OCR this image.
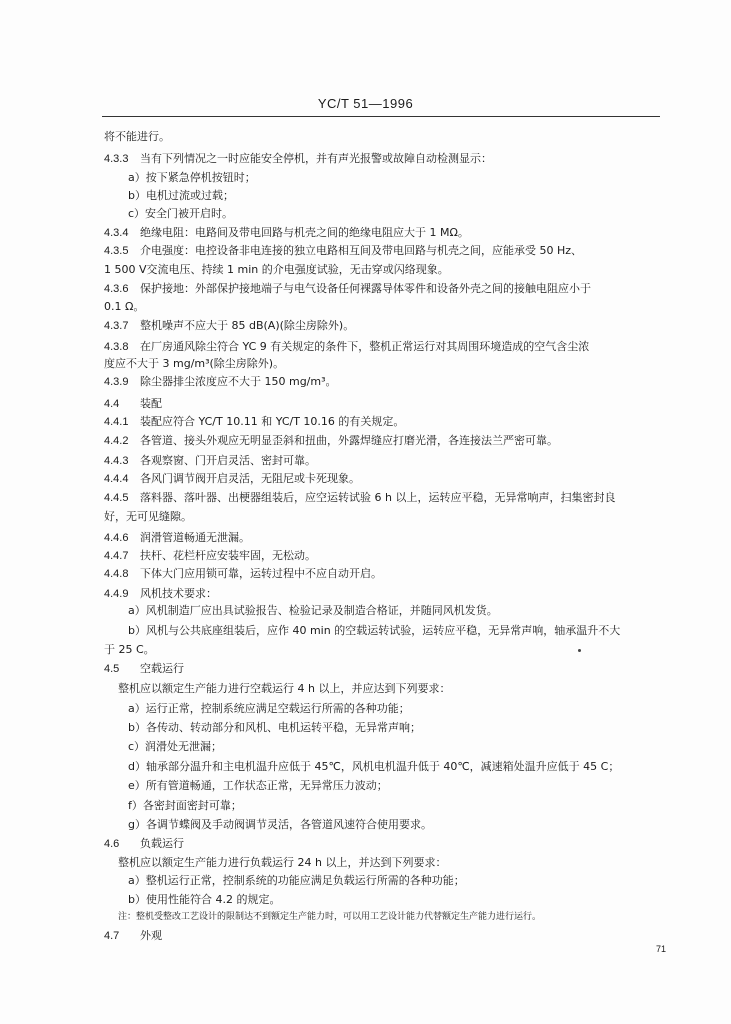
YC/T 51—1996
将不能进行。
4.3.3 当有下列情况之一时应能安全停机，并有声光报警或故障自动检测显示：
a）按下紧急停机按钮时；
b）电机过流或过载；
c）安全门被开启时。
4.3.4 绝缘电阻：电路间及带电回路与机壳之间的绝缘电阻应大于 1 MΩ。
4.3.5 介电强度：电控设备非电连接的独立电路相互间及带电回路与机壳之间，应能承受 50 Hz、
1 500 V交流电压、持续 1 min 的介电强度试验，无击穿或闪络现象。
4.3.6 保护接地：外部保护接地端子与电气设备任何裸露导体零件和设备外壳之间的接触电阻应小于
0.1 Ω。
4.3.7 整机噪声不应大于 85 dB(A)(除尘房除外)。
4.3.8 在厂房通风除尘符合 YC 9 有关规定的条件下，整机正常运行对其周围环境造成的空气含尘浓
度应不大于 3 mg/m³(除尘房除外)。
4.3.9 除尘器排尘浓度应不大于 150 mg/m³。
4.4 装配
4.4.1 装配应符合 YC/T 10.11 和 YC/T 10.16 的有关规定。
4.4.2 各管道、接头外观应无明显歪斜和扭曲，外露焊缝应打磨光滑，各连接法兰严密可靠。
4.4.3 各观察窗、门开启灵活、密封可靠。
4.4.4 各风门调节阀开启灵活，无阻尼或卡死现象。
4.4.5 落料器、落叶器、出梗器组装后，应空运转试验 6 h 以上，运转应平稳，无异常响声，扫集密封良
好，无可见缝隙。
4.4.6 润滑管道畅通无泄漏。
4.4.7 扶杆、花栏杆应安装牢固，无松动。
4.4.8 下体大门应用锁可靠，运转过程中不应自动开启。
4.4.9 风机技术要求：
a）风机制造厂应出具试验报告、检验记录及制造合格证，并随同风机发货。
b）风机与公共底座组装后，应作 40 min 的空载运转试验，运转应平稳，无异常声响，轴承温升不大
于 25 C。
4.5 空载运行
整机应以额定生产能力进行空载运行 4 h 以上，并应达到下列要求：
a）运行正常，控制系统应满足空载运行所需的各种功能；
b）各传动、转动部分和风机、电机运转平稳，无异常声响；
c）润滑处无泄漏；
d）轴承部分温升和主电机温升应低于 45℃，风机电机温升低于 40℃，减速箱处温升应低于 45 C；
e）所有管道畅通，工作状态正常，无异常压力波动；
f）各密封面密封可靠；
g）各调节蝶阀及手动阀调节灵活，各管道风速符合使用要求。
4.6 负载运行
整机应以额定生产能力进行负载运行 24 h 以上，并达到下列要求：
a）整机运行正常，控制系统的功能应满足负载运行所需的各种功能；
b）使用性能符合 4.2 的规定。
注：整机受整改工艺设计的限制达不到额定生产能力时，可以用工艺设计能力代替额定生产能力进行运行。
4.7 外观
71
